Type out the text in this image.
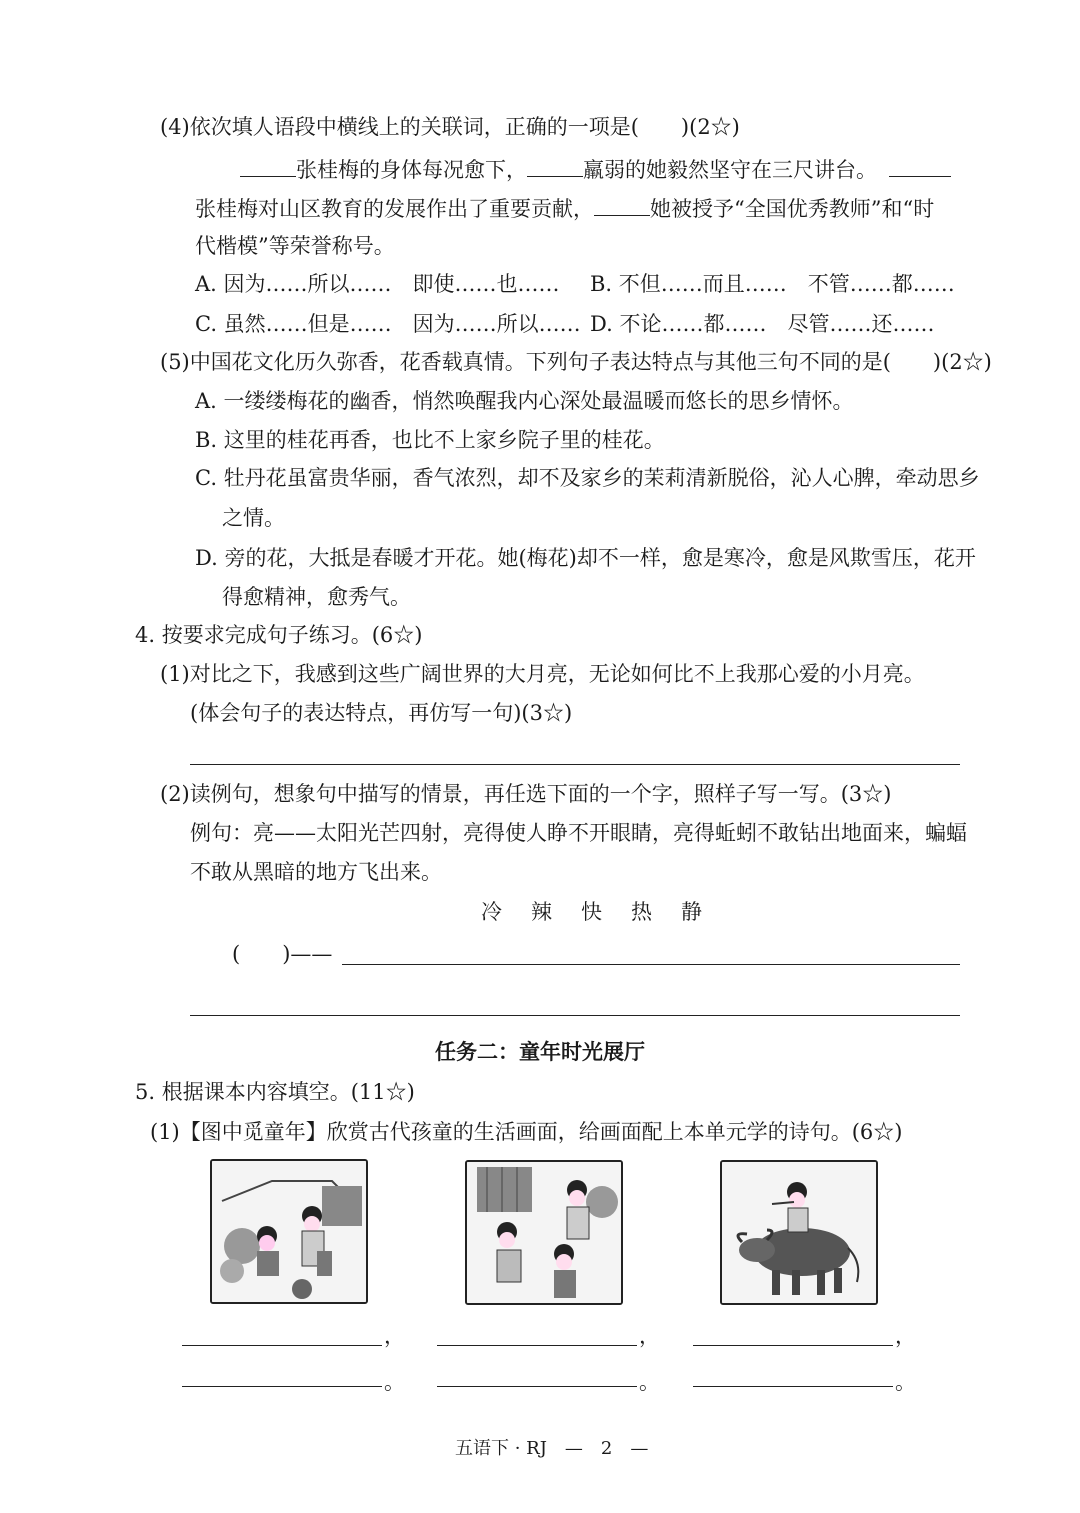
(4)依次填人语段中横线上的关联词，正确的一项是(　　)(2☆)
张桂梅的身体每况愈下，	羸弱的她毅然坚守在三尺讲台。
张桂梅对山区教育的发展作出了重要贡献，	她被授予“全国优秀教师”和“时
代楷模”等荣誉称号。
A. 因为……所以……　即使……也…… B. 不但……而且……　不管……都……
C. 虽然……但是……　因为……所以…… D. 不论……都……　尽管……还……
(5)中国花文化历久弥香，花香载真情。下列句子表达特点与其他三句不同的是(　　)(2☆)
A. 一缕缕梅花的幽香，悄然唤醒我内心深处最温暖而悠长的思乡情怀。
B. 这里的桂花再香，也比不上家乡院子里的桂花。
C. 牡丹花虽富贵华丽，香气浓烈，却不及家乡的茉莉清新脱俗，沁人心脾，牵动思乡
之情。
D. 旁的花，大抵是春暖才开花。她(梅花)却不一样，愈是寒冷，愈是风欺雪压，花开
得愈精神，愈秀气。
4. 按要求完成句子练习。(6☆)
(1)对比之下，我感到这些广阔世界的大月亮，无论如何比不上我那心爱的小月亮。
(体会句子的表达特点，再仿写一句)(3☆)
(2)读例句，想象句中描写的情景，再任选下面的一个字，照样子写一写。(3☆)
例句：亮——太阳光芒四射，亮得使人睁不开眼睛，亮得蚯蚓不敢钻出地面来，蝙蝠
不敢从黑暗的地方飞出来。
冷　辣　快　热　静
(　　)——
任务二：童年时光展厅
5. 根据课本内容填空。(11☆)
(1)【图中觅童年】欣赏古代孩童的生活画面，给画面配上本单元学的诗句。(6☆)
，	，	，
。	。	。
五语下 · RJ　—　2　—
